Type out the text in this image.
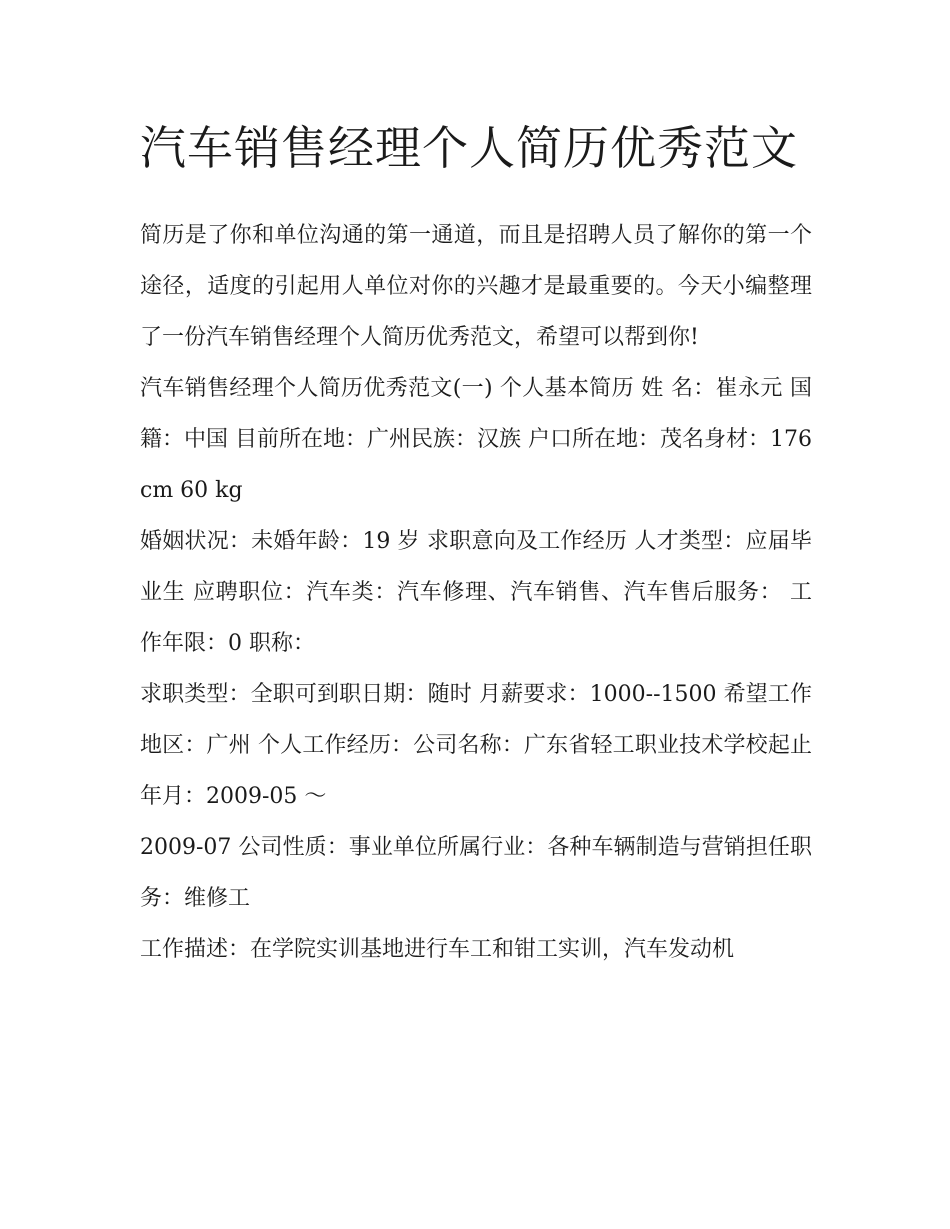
汽车销售经理个人简历优秀范文

简历是了你和单位沟通的第一通道，而且是招聘人员了解你的第一个途径，适度的引起用人单位对你的兴趣才是最重要的。今天小编整理了一份汽车销售经理个人简历优秀范文，希望可以帮到你!

汽车销售经理个人简历优秀范文(一) 个人基本简历 姓 名：崔永元 国籍：中国 目前所在地：广州民族：汉族 户口所在地：茂名身材：176 cm 60 kg

婚姻状况：未婚年龄：19 岁 求职意向及工作经历 人才类型：应届毕业生 应聘职位：汽车类：汽车修理、汽车销售、汽车售后服务： 工作年限：0 职称：

求职类型：全职可到职日期：随时 月薪要求：1000--1500 希望工作地区：广州 个人工作经历：公司名称：广东省轻工职业技术学校起止年月：2009-05 ～

2009-07 公司性质：事业单位所属行业：各种车辆制造与营销担任职务：维修工

工作描述：在学院实训基地进行车工和钳工实训，汽车发动机
